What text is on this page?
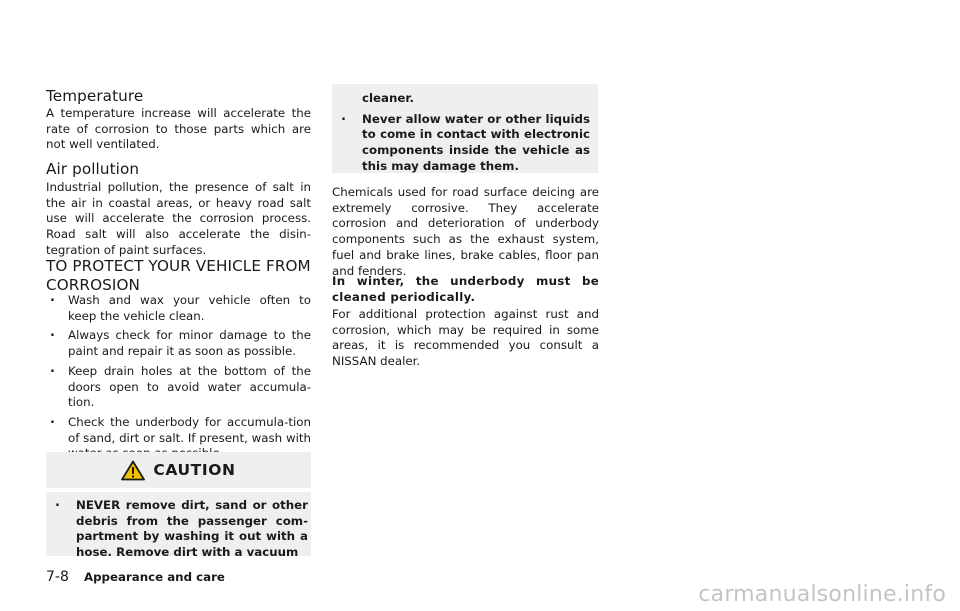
Temperature

A temperature increase will accelerate the rate of corrosion to those parts which are not well ventilated.

Air pollution

Industrial pollution, the presence of salt in the air in coastal areas, or heavy road salt use will accelerate the corrosion process. Road salt will also accelerate the disin-tegration of paint surfaces.

TO PROTECT YOUR VEHICLE FROM
CORROSION
. Wash and wax your vehicle often to keep the vehicle clean.
. Always check for minor damage to the paint and repair it as soon as possible.
. Keep drain holes at the bottom of the doors open to avoid water accumula-tion.
. Check the underbody for accumula-tion of sand, dirt or salt. If present, wash with
CAUTION
. NEVER remove dirt, sand or other debris from the passenger com-partment by washing it out with a hose. Remove dirt with a vacuum
cleaner.
. Never allow water or other liquids to come in contact with electronic components inside the vehicle as this may damage them.

Chemicals used for road surface deicing are extremely corrosive. They accelerate corrosion and deterioration of underbody components such as the exhaust system, fuel and brake lines, brake cables, floor pan and fenders.

In winter, the underbody must be cleaned periodically.

For additional protection against rust and corrosion, which may be required in some areas, it is recommended you consult a NISSAN dealer.

7-8 Appearance and care
carmanualsonline.info
